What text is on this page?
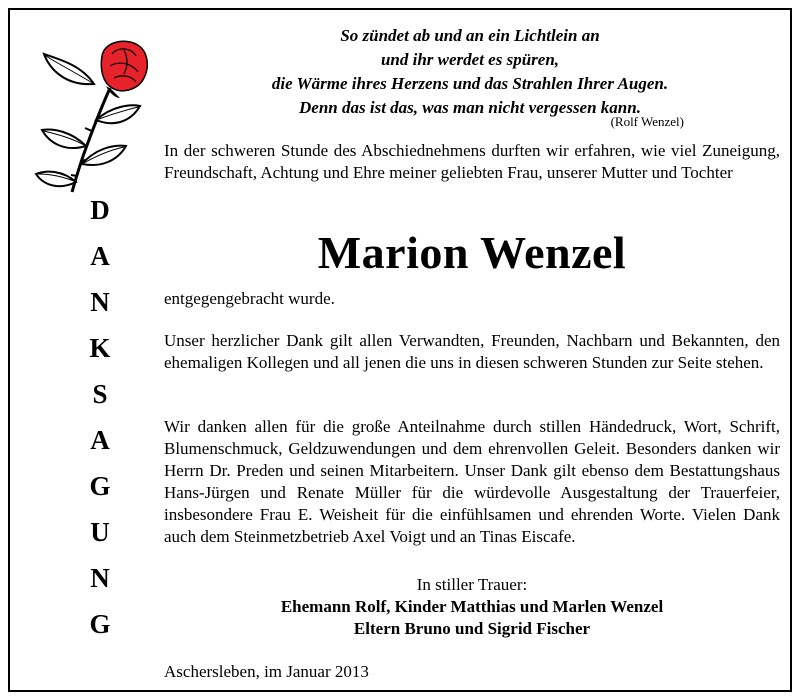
D
A
N
K
S
A
G
U
N
G
So zündet ab und an ein Lichtlein an
und ihr werdet es spüren,
die Wärme ihres Herzens und das Strahlen Ihrer Augen.
Denn das ist das, was man nicht vergessen kann.
(Rolf Wenzel)
In der schweren Stunde des Abschiednehmens durften wir erfahren, wie viel Zuneigung, Freundschaft, Achtung und Ehre meiner geliebten Frau, unserer Mutter und Tochter
Marion Wenzel
entgegengebracht wurde.
Unser herzlicher Dank gilt allen Verwandten, Freunden, Nachbarn und Bekannten, den ehemaligen Kollegen und all jenen die uns in diesen schweren Stunden zur Seite stehen.
Wir danken allen für die große Anteilnahme durch stillen Händedruck, Wort, Schrift, Blumenschmuck, Geldzuwendungen und dem ehrenvollen Geleit. Besonders danken wir Herrn Dr. Preden und seinen Mitarbeitern. Unser Dank gilt ebenso dem Bestattungshaus Hans-Jürgen und Renate Müller für die würdevolle Ausgestaltung der Trauerfeier, insbesondere Frau E. Weisheit für die einfühlsamen und ehrenden Worte. Vielen Dank auch dem Steinmetzbetrieb Axel Voigt und an Tinas Eiscafe.
In stiller Trauer:
Ehemann Rolf, Kinder Matthias und Marlen Wenzel
Eltern Bruno und Sigrid Fischer
Aschersleben, im Januar 2013
